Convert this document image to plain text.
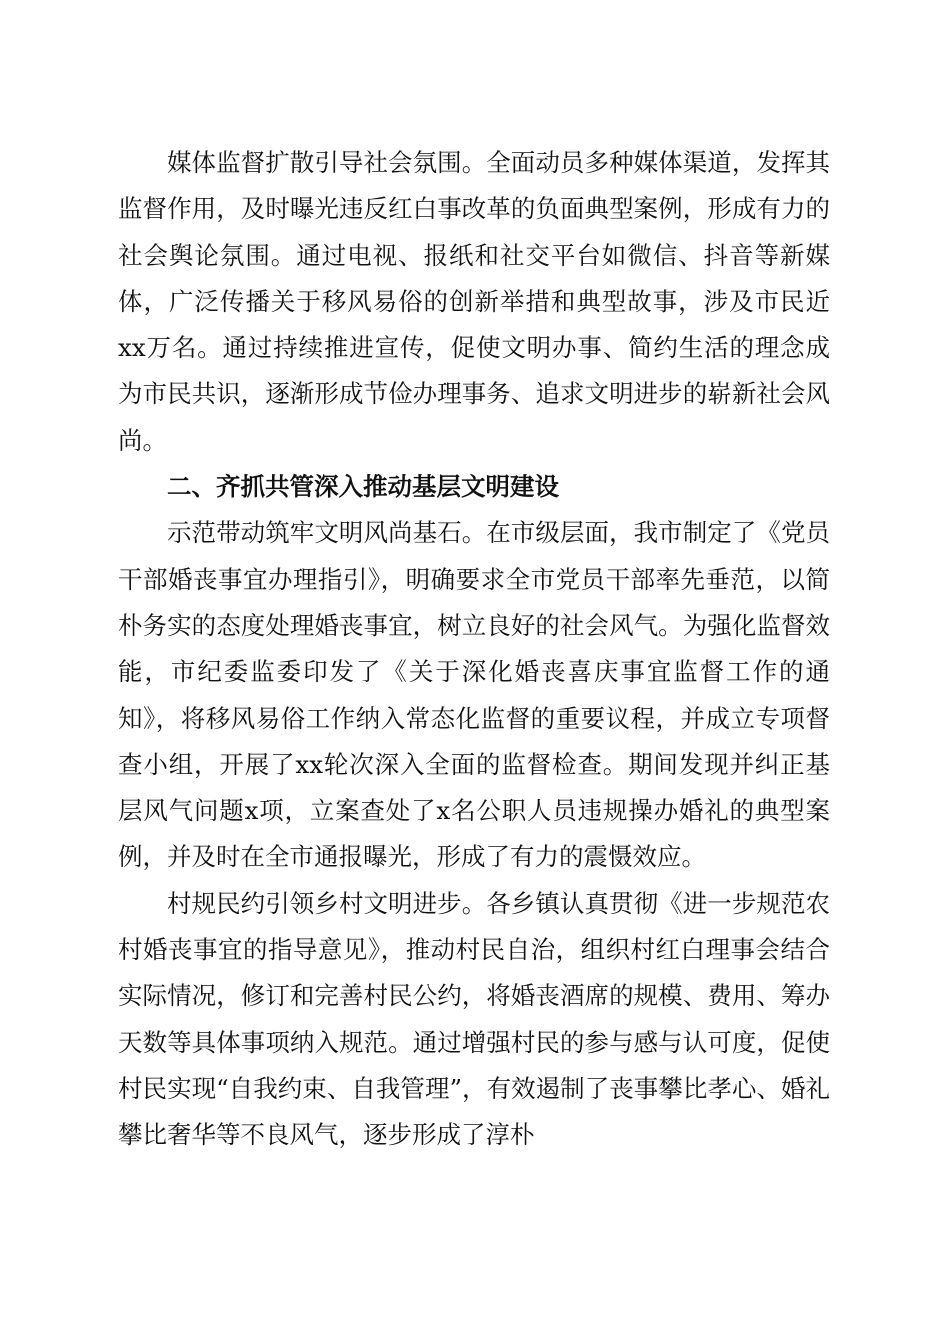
媒体监督扩散引导社会氛围。全面动员多种媒体渠道，发挥其监督作用，及时曝光违反红白事改革的负面典型案例，形成有力的社会舆论氛围。通过电视、报纸和社交平台如微信、抖音等新媒体，广泛传播关于移风易俗的创新举措和典型故事，涉及市民近xx万名。通过持续推进宣传，促使文明办事、简约生活的理念成为市民共识，逐渐形成节俭办理事务、追求文明进步的崭新社会风尚。

二、齐抓共管深入推动基层文明建设

示范带动筑牢文明风尚基石。在市级层面，我市制定了《党员干部婚丧事宜办理指引》，明确要求全市党员干部率先垂范，以简朴务实的态度处理婚丧事宜，树立良好的社会风气。为强化监督效能，市纪委监委印发了《关于深化婚丧喜庆事宜监督工作的通知》，将移风易俗工作纳入常态化监督的重要议程，并成立专项督查小组，开展了xx轮次深入全面的监督检查。期间发现并纠正基层风气问题x项，立案查处了x名公职人员违规操办婚礼的典型案例，并及时在全市通报曝光，形成了有力的震慑效应。

村规民约引领乡村文明进步。各乡镇认真贯彻《进一步规范农村婚丧事宜的指导意见》，推动村民自治，组织村红白理事会结合实际情况，修订和完善村民公约，将婚丧酒席的规模、费用、筹办天数等具体事项纳入规范。通过增强村民的参与感与认可度，促使村民实现“自我约束、自我管理”，有效遏制了丧事攀比孝心、婚礼攀比奢华等不良风气，逐步形成了淳朴
